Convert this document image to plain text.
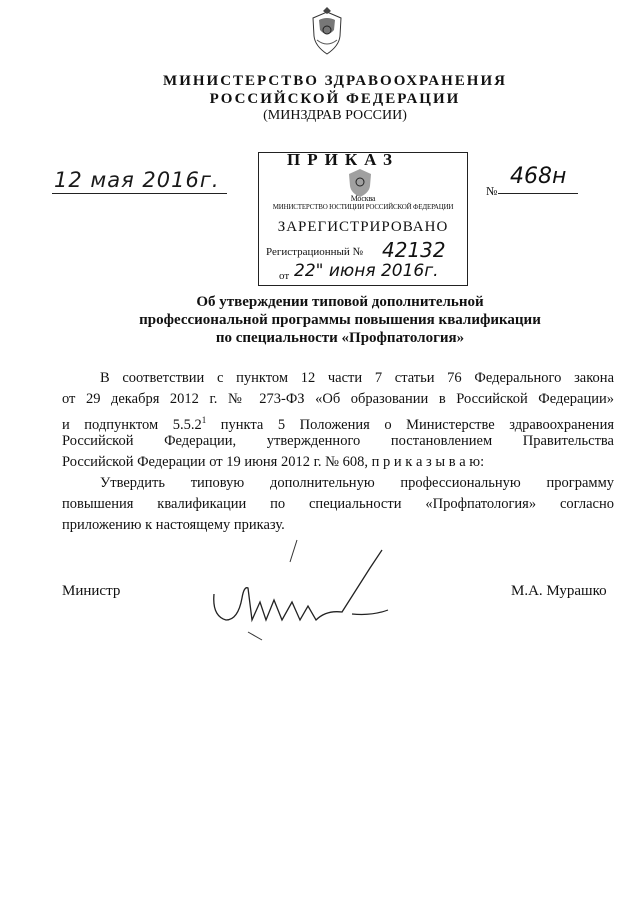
МИНИСТЕРСТВО ЗДРАВООХРАНЕНИЯ
РОССИЙСКОЙ ФЕДЕРАЦИИ
(МИНЗДРАВ РОССИИ)
12 мая 2016г.	№
468н
ПРИКАЗ
Москва
МИНИСТЕРСТВО ЮСТИЦИИ РОССИЙСКОЙ ФЕДЕРАЦИИ
ЗАРЕГИСТРИРОВАНО
Регистрационный № 42132
от 22" июня 2016г.
Об утверждении типовой дополнительной
профессиональной программы повышения квалификации
по специальности «Профпатология»
В соответствии с пунктом 12 части 7 статьи 76 Федерального закона
от 29 декабря 2012 г. № 273-ФЗ «Об образовании в Российской Федерации»
и подпунктом 5.5.2$^1$ пункта 5 Положения о Министерстве здравоохранения
Российской Федерации, утвержденного постановлением Правительства
Российской Федерации от 19 июня 2012 г. № 608, п р и к а з ы в а ю:
Утвердить типовую дополнительную профессиональную программу
повышения квалификации по специальности «Профпатология» согласно
приложению к настоящему приказу.
Министр	М.А. Мурашко
